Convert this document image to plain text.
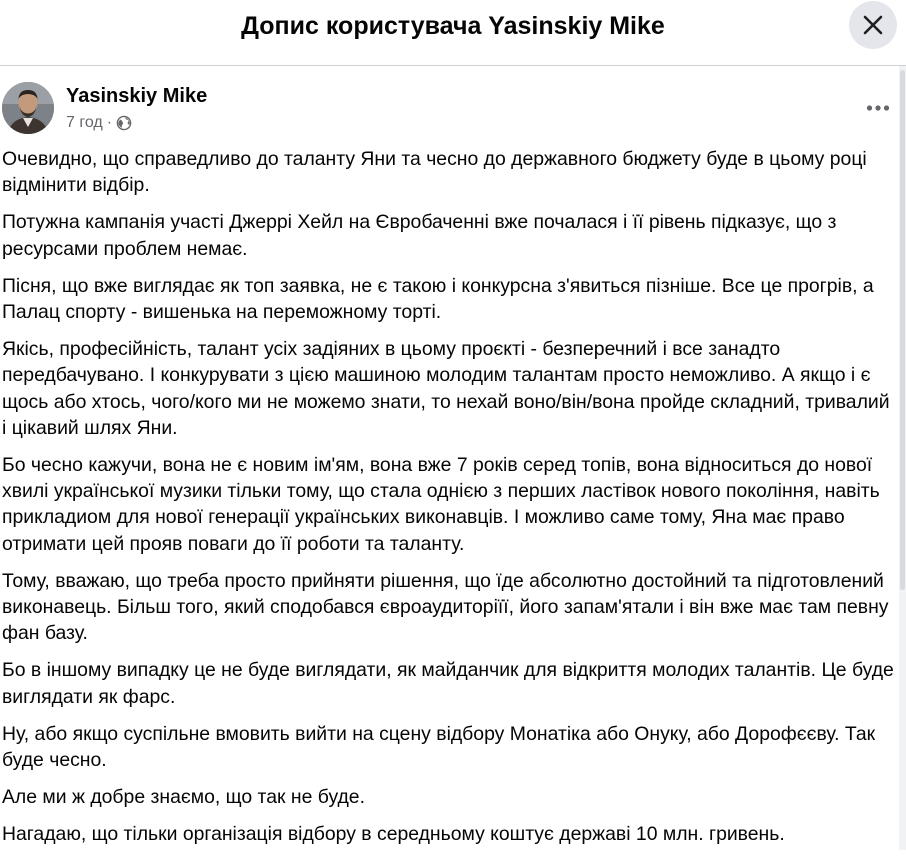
Допис користувача Yasinskiy Mike
Yasinskiy Mike
7 год ·

Очевидно, що справедливо до таланту Яни та чесно до державного бюджету буде в цьому році відмінити відбір.

Потужна кампанія участі Джеррі Хейл на Євробаченні вже почалася і її рівень підказує, що з ресурсами проблем немає.

Пісня, що вже виглядає як топ заявка, не є такою і конкурсна з'явиться пізніше. Все це прогрів, а Палац спорту - вишенька на переможному торті.

Якісь, професійність, талант усіх задіяних в цьому проєкті - безперечний і все занадто передбачувано. І конкурувати з цією машиною молодим талантам просто неможливо. А якщо і є щось або хтось, чого/кого ми не можемо знати, то нехай воно/він/вона пройде складний, тривалий і цікавий шлях Яни.

Бо чесно кажучи, вона не є новим ім'ям, вона вже 7 років серед топів, вона відноситься до нової хвилі української музики тільки тому, що стала однією з перших ластівок нового покоління, навіть прикладиом для нової генерації українських виконавців. І можливо саме тому, Яна має право отримати цей прояв поваги до її роботи та таланту.

Тому, вважаю, що треба просто прийняти рішення, що їде абсолютно достойний та підготовлений виконавець. Більш того, який сподобався євроаудиторіїї, його запам'ятали і він вже має там певну фан базу.

Бо в іншому випадку це не буде виглядати, як майданчик для відкриття молодих талантів. Це буде виглядати як фарс.

Ну, або якщо суспільне вмовить вийти на сцену відбору Монатіка або Онуку, або Дорофєєву. Так буде чесно.

Але ми ж добре знаємо, що так не буде.

Нагадаю, що тільки організація відбору в середньому коштує державі 10 млн. гривень.
